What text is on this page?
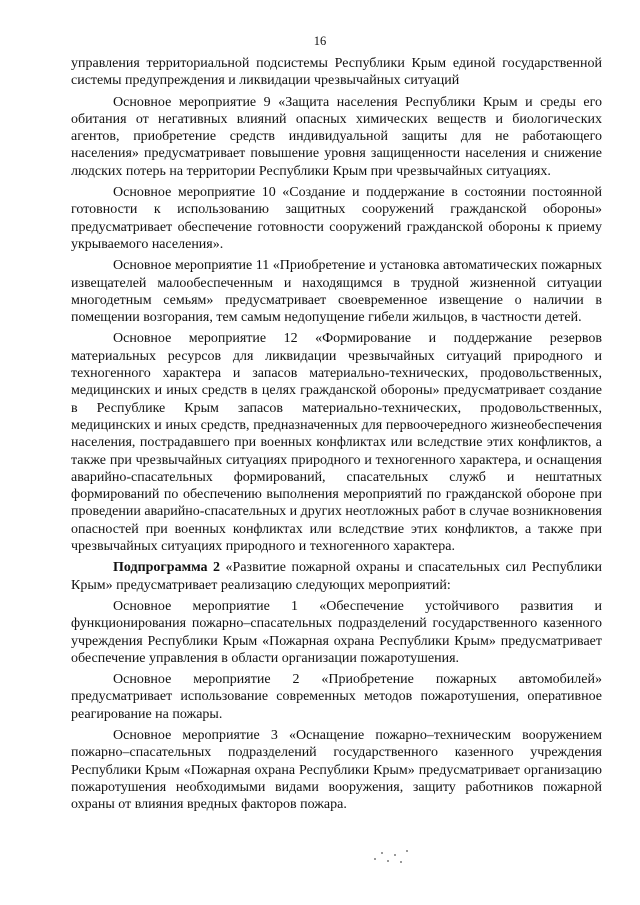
16

управления территориальной подсистемы Республики Крым единой государственной системы предупреждения и ликвидации чрезвычайных ситуаций

Основное мероприятие 9 «Защита населения Республики Крым и среды его обитания от негативных влияний опасных химических веществ и биологических агентов, приобретение средств индивидуальной защиты для не работающего населения» предусматривает повышение уровня защищенности населения и снижение людских потерь на территории Республики Крым при чрезвычайных ситуациях.

Основное мероприятие 10 «Создание и поддержание в состоянии постоянной готовности к использованию защитных сооружений гражданской обороны» предусматривает обеспечение готовности сооружений гражданской обороны к приему укрываемого населения».

Основное мероприятие 11 «Приобретение и установка автоматических пожарных извещателей малообеспеченным и находящимся в трудной жизненной ситуации многодетным семьям» предусматривает своевременное извещение о наличии в помещении возгорания, тем самым недопущение гибели жильцов, в частности детей.

Основное мероприятие 12 «Формирование и поддержание резервов материальных ресурсов для ликвидации чрезвычайных ситуаций природного и техногенного характера и запасов материально-технических, продовольственных, медицинских и иных средств в целях гражданской обороны» предусматривает создание в Республике Крым запасов материально-технических, продовольственных, медицинских и иных средств, предназначенных для первоочередного жизнеобеспечения населения, пострадавшего при военных конфликтах или вследствие этих конфликтов, а также при чрезвычайных ситуациях природного и техногенного характера, и оснащения аварийно-спасательных формирований, спасательных служб и нештатных формирований по обеспечению выполнения мероприятий по гражданской обороне при проведении аварийно-спасательных и других неотложных работ в случае возникновения опасностей при военных конфликтах или вследствие этих конфликтов, а также при чрезвычайных ситуациях природного и техногенного характера.

Подпрограмма 2 «Развитие пожарной охраны и спасательных сил Республики Крым» предусматривает реализацию следующих мероприятий:

Основное мероприятие 1 «Обеспечение устойчивого развития и функционирования пожарно–спасательных подразделений государственного казенного учреждения Республики Крым «Пожарная охрана Республики Крым» предусматривает обеспечение управления в области организации пожаротушения.

Основное мероприятие 2 «Приобретение пожарных автомобилей» предусматривает использование современных методов пожаротушения, оперативное реагирование на пожары.

Основное мероприятие 3 «Оснащение пожарно–техническим вооружением пожарно–спасательных подразделений государственного казенного учреждения Республики Крым «Пожарная охрана Республики Крым» предусматривает организацию пожаротушения необходимыми видами вооружения, защиту работников пожарной охраны от влияния вредных факторов пожара.
